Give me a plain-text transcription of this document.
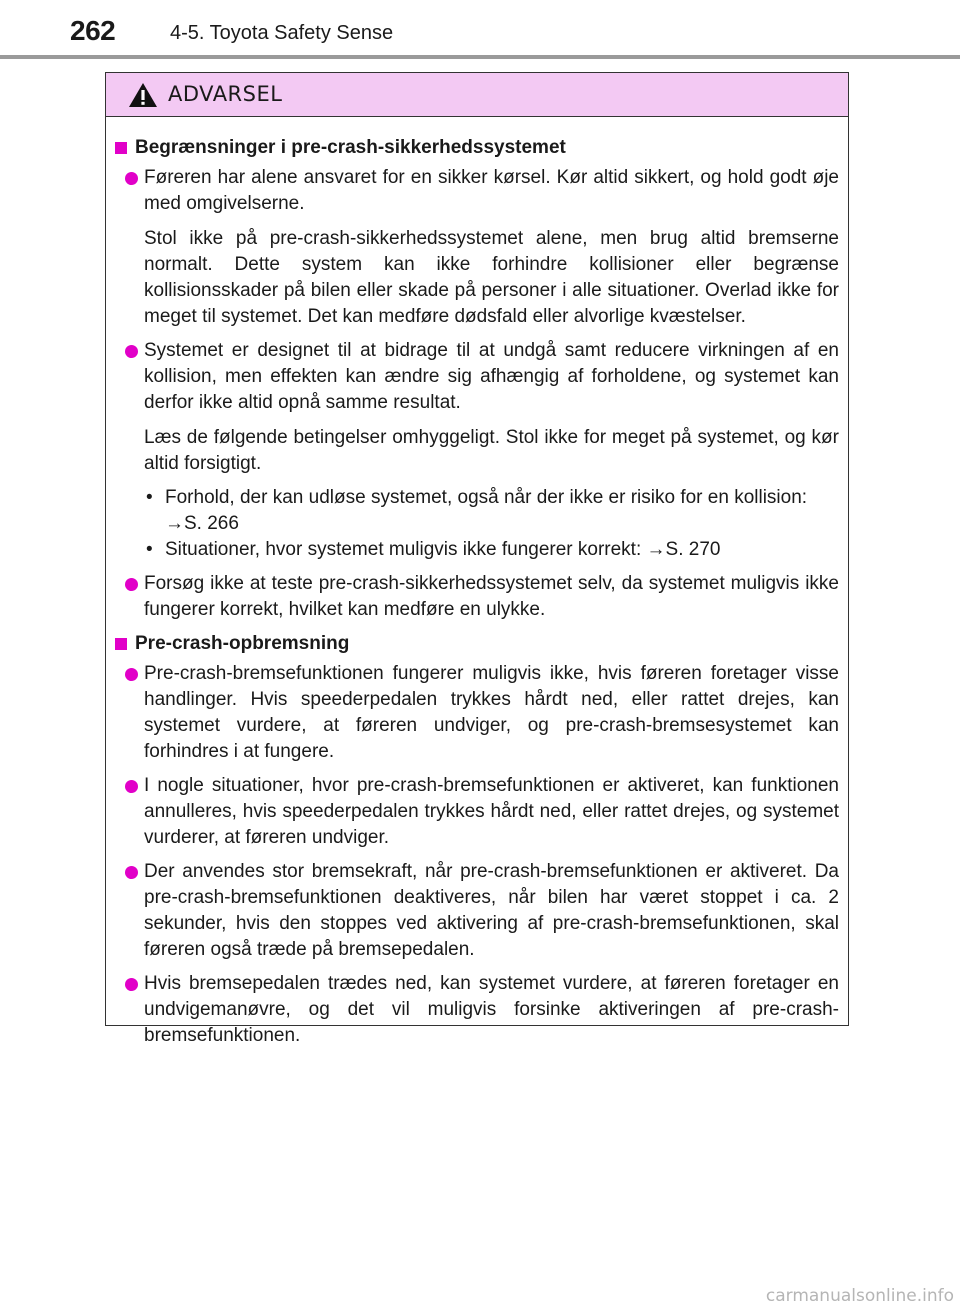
262	4-5. Toyota Safety Sense
ADVARSEL
Begrænsninger i pre-crash-sikkerhedssystemet

Føreren har alene ansvaret for en sikker kørsel. Kør altid sikkert, og hold godt øje med omgivelserne.

Stol ikke på pre-crash-sikkerhedssystemet alene, men brug altid bremserne normalt. Dette system kan ikke forhindre kollisioner eller begrænse kollisionsskader på bilen eller skade på personer i alle situationer. Overlad ikke for meget til systemet. Det kan medføre dødsfald eller alvorlige kvæstelser.

Systemet er designet til at bidrage til at undgå samt reducere virkningen af en kollision, men effekten kan ændre sig afhængig af forholdene, og systemet kan derfor ikke altid opnå samme resultat.

Læs de følgende betingelser omhyggeligt. Stol ikke for meget på systemet, og kør altid forsigtigt.

• Forhold, der kan udløse systemet, også når der ikke er risiko for en kollision: →S. 266
• Situationer, hvor systemet muligvis ikke fungerer korrekt: →S. 270

Forsøg ikke at teste pre-crash-sikkerhedssystemet selv, da systemet muligvis ikke fungerer korrekt, hvilket kan medføre en ulykke.

Pre-crash-opbremsning

Pre-crash-bremsefunktionen fungerer muligvis ikke, hvis føreren foretager visse handlinger. Hvis speederpedalen trykkes hårdt ned, eller rattet drejes, kan systemet vurdere, at føreren undviger, og pre-crash-bremsesystemet kan forhindres i at fungere.

I nogle situationer, hvor pre-crash-bremsefunktionen er aktiveret, kan funktionen annulleres, hvis speederpedalen trykkes hårdt ned, eller rattet drejes, og systemet vurderer, at føreren undviger.

Der anvendes stor bremsekraft, når pre-crash-bremsefunktionen er aktiveret. Da pre-crash-bremsefunktionen deaktiveres, når bilen har været stoppet i ca. 2 sekunder, hvis den stoppes ved aktivering af pre-crash-bremsefunktionen, skal føreren også træde på bremsepedalen.

Hvis bremsepedalen trædes ned, kan systemet vurdere, at føreren foretager en undvigemanøvre, og det vil muligvis forsinke aktiveringen af pre-crash-bremsefunktionen.

carmanualsonline.info
